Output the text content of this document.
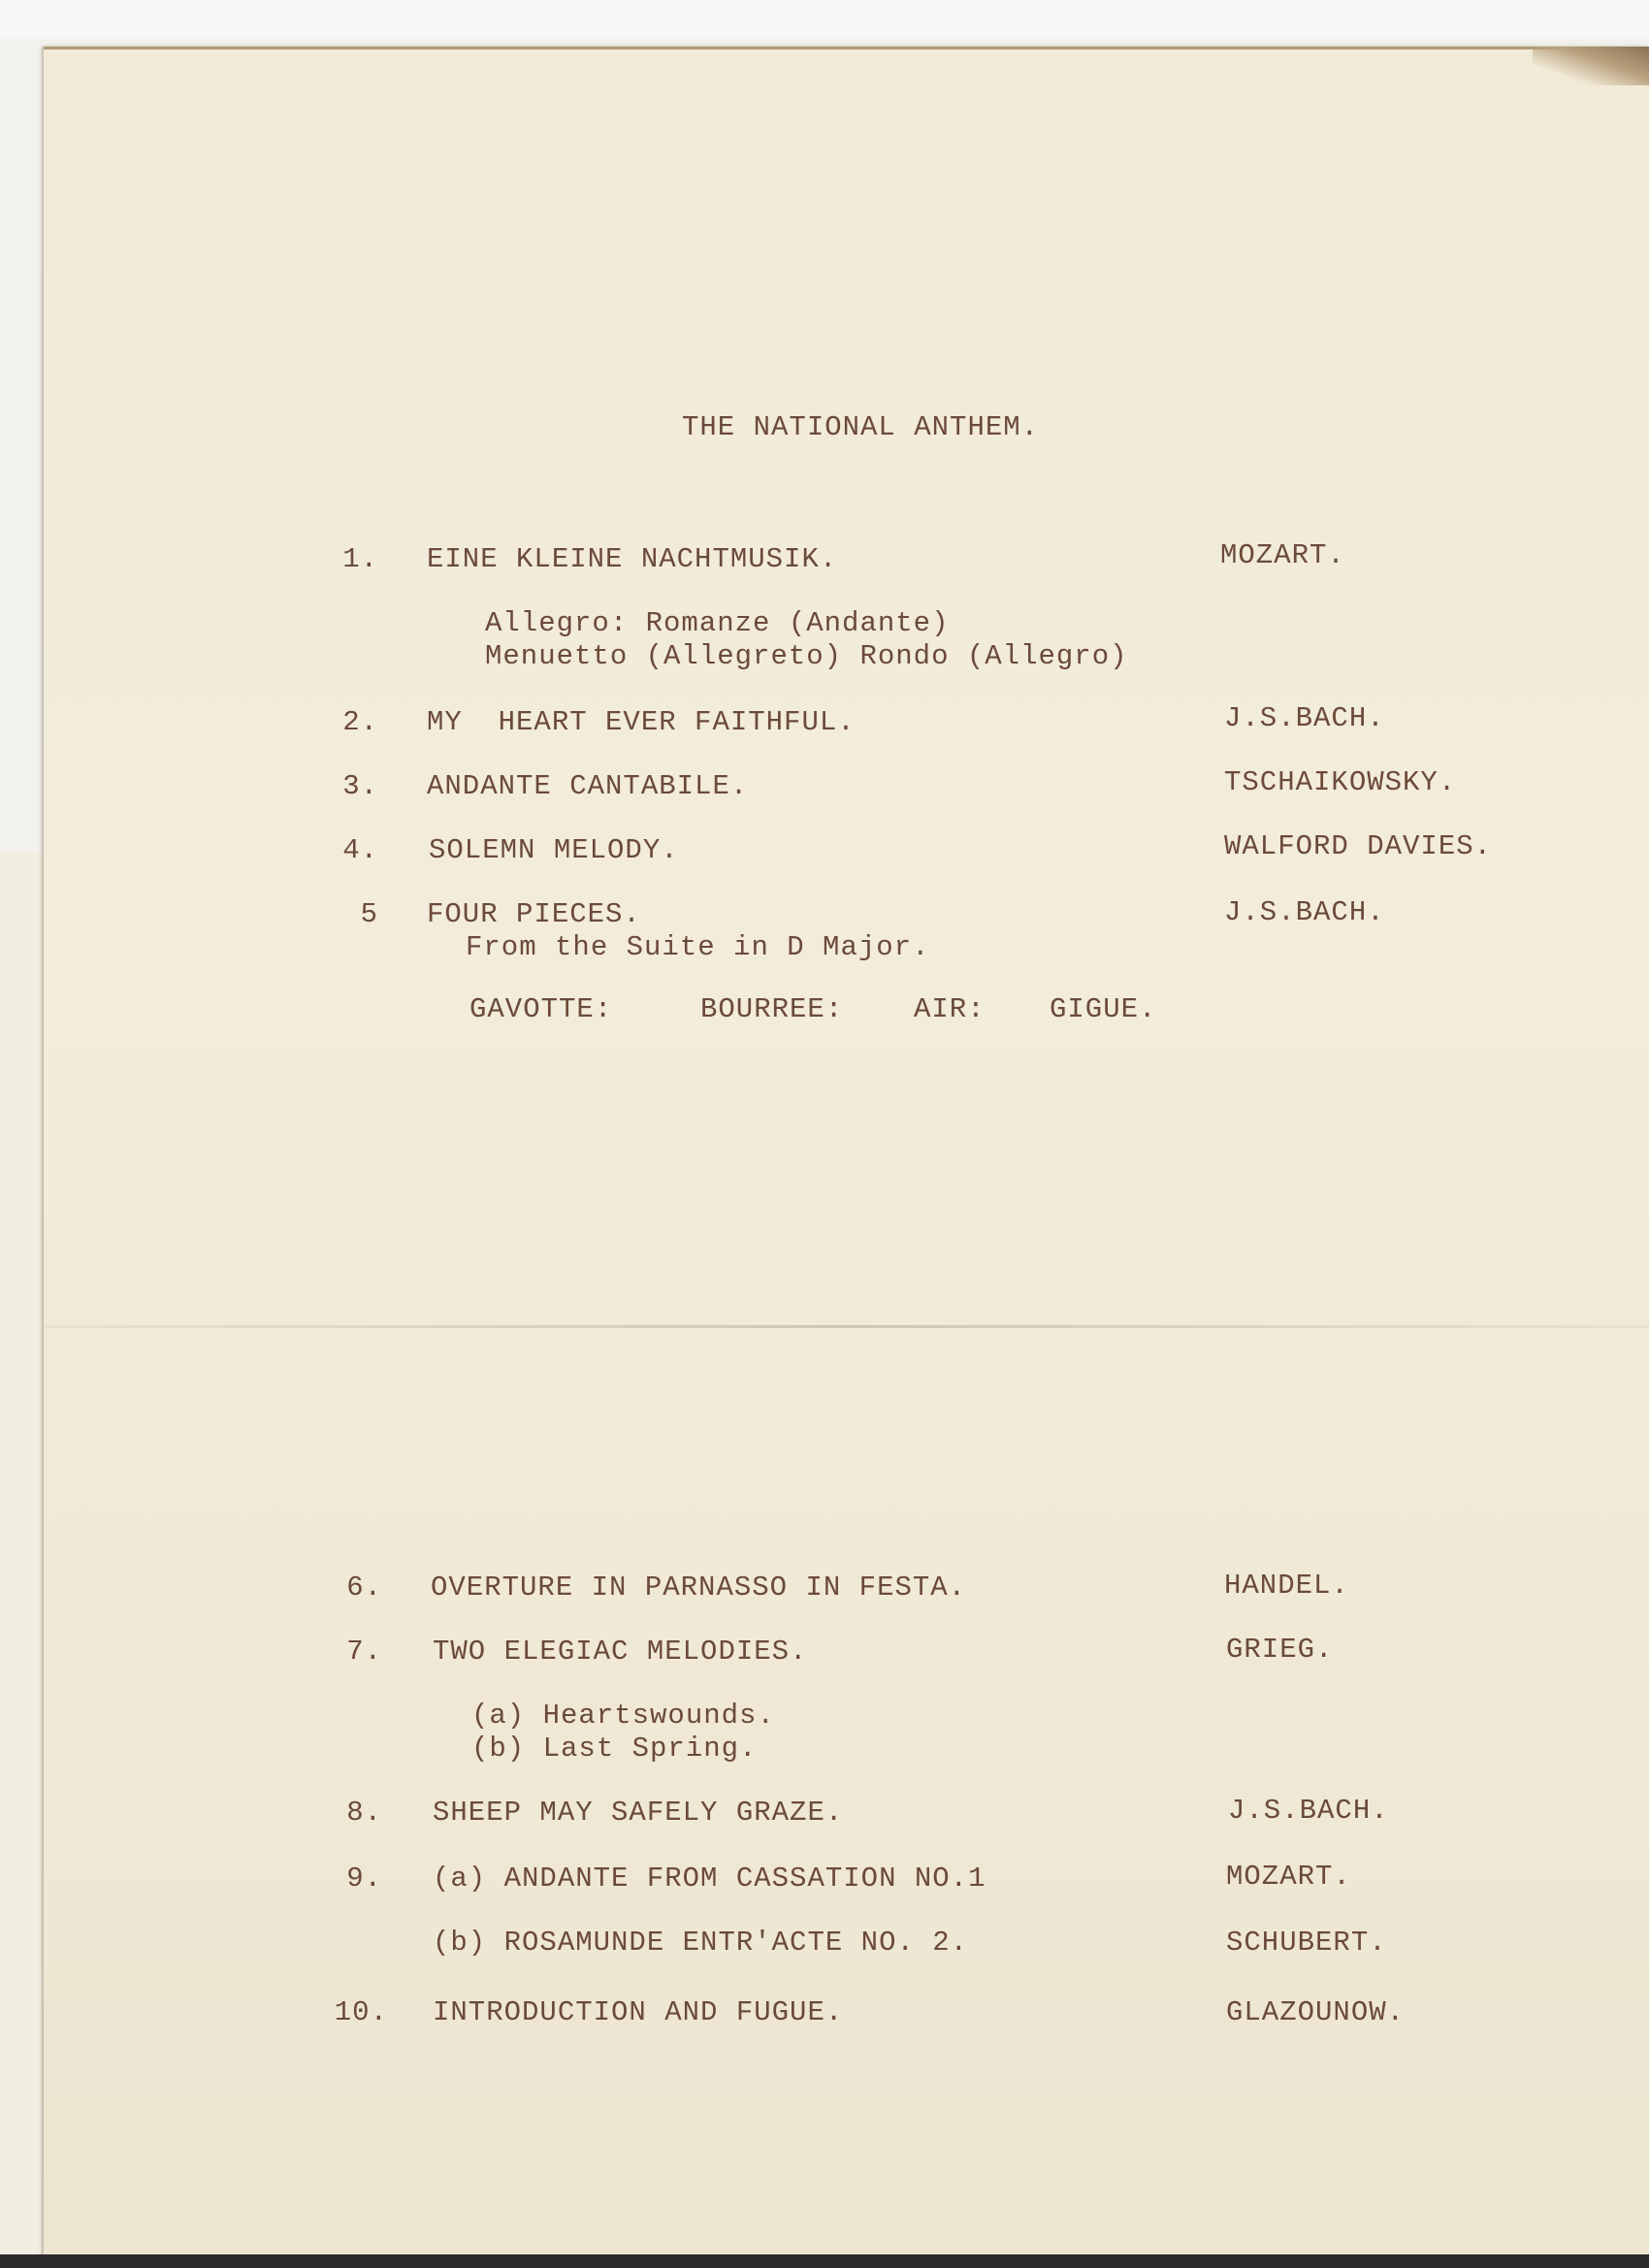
THE NATIONAL ANTHEM.
1. EINE KLEINE NACHTMUSIK.	MOZART.
Allegro: Romanze (Andante)
Menuetto (Allegreto) Rondo (Allegro)
2. MY  HEART EVER FAITHFUL.	J.S.BACH.
3. ANDANTE CANTABILE.	TSCHAIKOWSKY.
4. SOLEMN MELODY.	WALFORD DAVIES.
5 FOUR PIECES.	J.S.BACH.
From the Suite in D Major.
GAVOTTE:	BOURREE:	AIR: GIGUE.
6. OVERTURE IN PARNASSO IN FESTA.	HANDEL.
7. TWO ELEGIAC MELODIES.	GRIEG.
(a) Heartswounds.
(b) Last Spring.
8. SHEEP MAY SAFELY GRAZE.	J.S.BACH.
9. (a) ANDANTE FROM CASSATION NO.1	MOZART.
(b) ROSAMUNDE ENTR'ACTE NO. 2.	SCHUBERT.
10. INTRODUCTION AND FUGUE.	GLAZOUNOW.
